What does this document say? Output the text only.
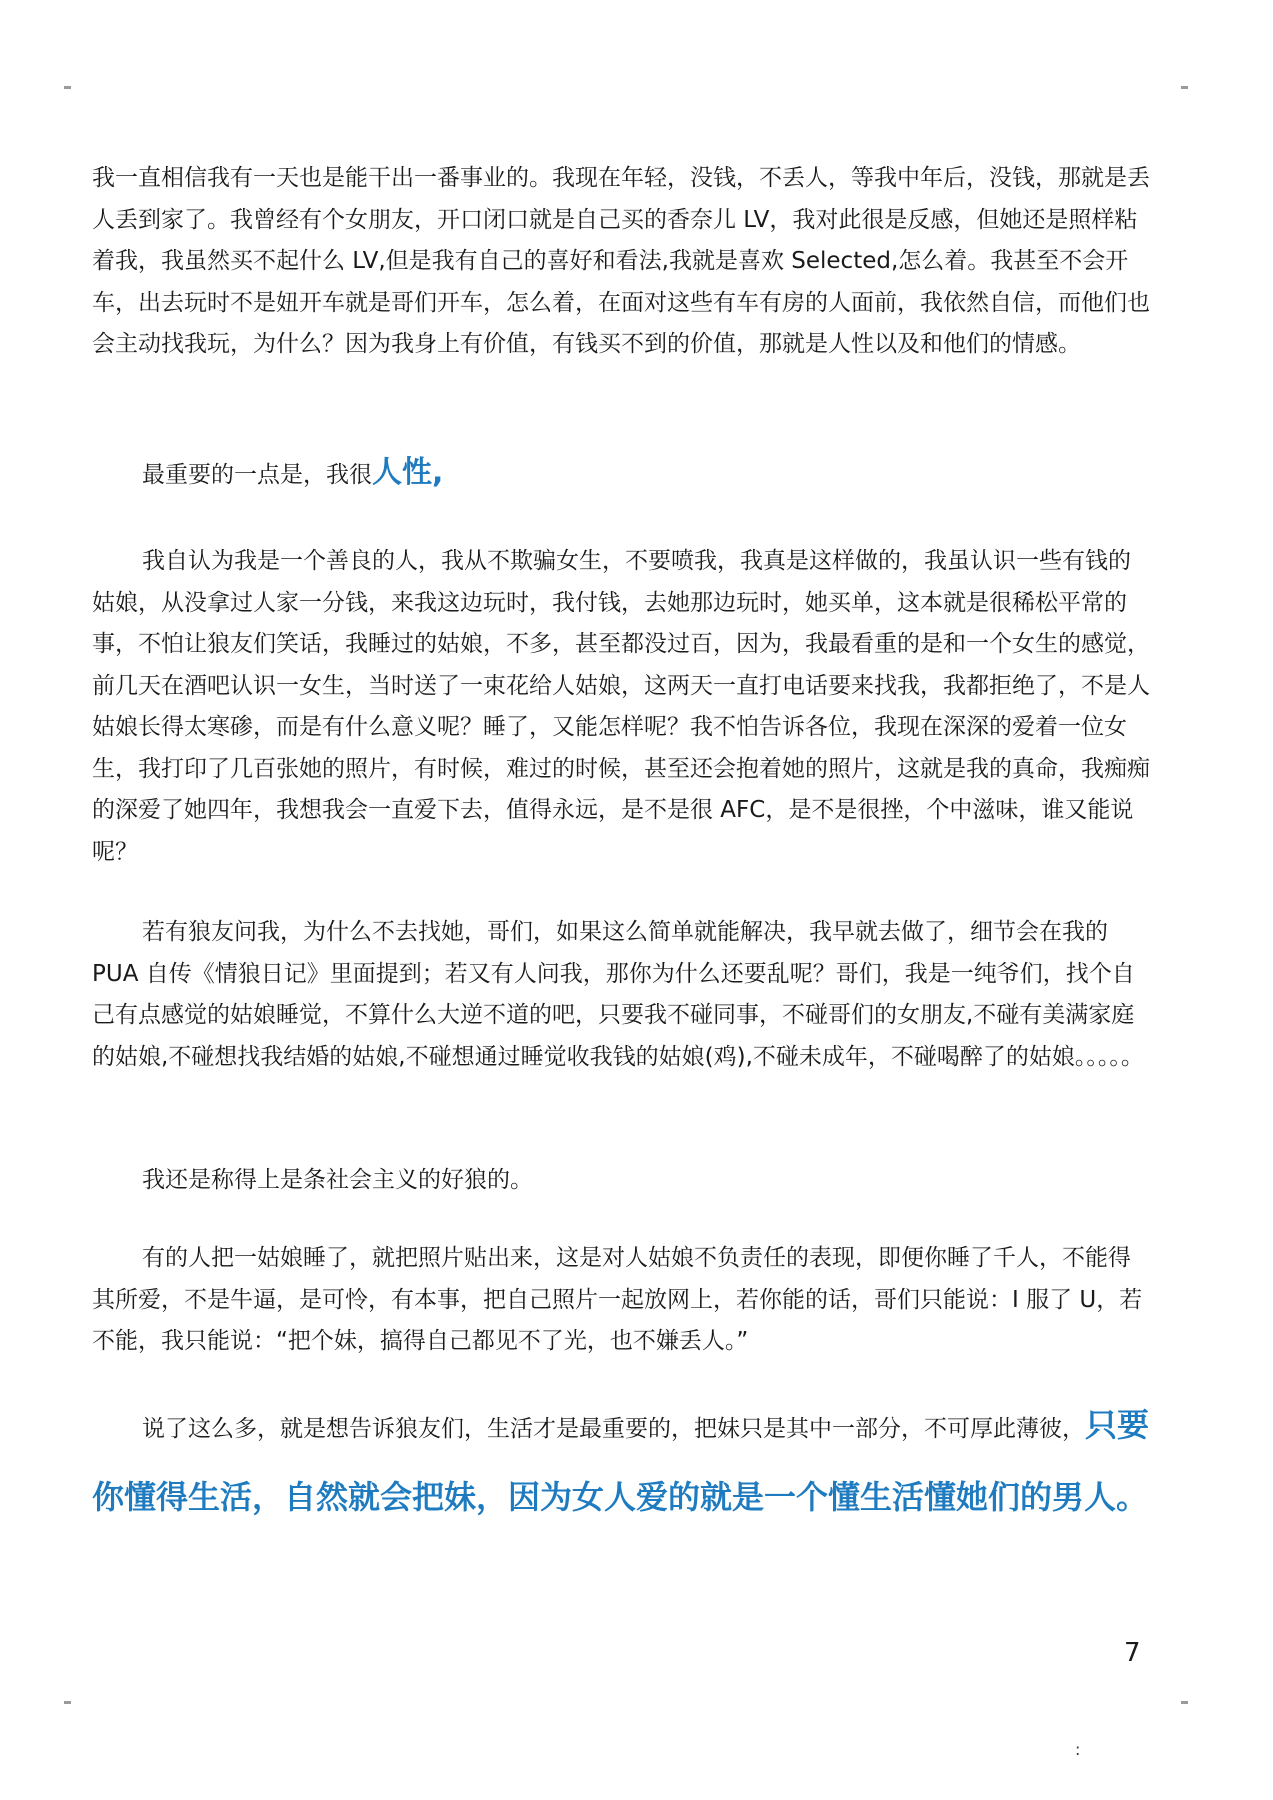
我一直相信我有一天也是能干出一番事业的。我现在年轻，没钱，不丢人，等我中年后，没钱，那就是丢人丢到家了。我曾经有个女朋友，开口闭口就是自己买的香奈儿 LV，我对此很是反感，但她还是照样粘着我，我虽然买不起什么 LV,但是我有自己的喜好和看法,我就是喜欢 Selected,怎么着。我甚至不会开车，出去玩时不是妞开车就是哥们开车，怎么着，在面对这些有车有房的人面前，我依然自信，而他们也会主动找我玩，为什么？因为我身上有价值，有钱买不到的价值，那就是人性以及和他们的情感。

最重要的一点是，我很人性,

我自认为我是一个善良的人，我从不欺骗女生，不要喷我，我真是这样做的，我虽认识一些有钱的姑娘，从没拿过人家一分钱，来我这边玩时，我付钱，去她那边玩时，她买单，这本就是很稀松平常的事，不怕让狼友们笑话，我睡过的姑娘，不多，甚至都没过百，因为，我最看重的是和一个女生的感觉，前几天在酒吧认识一女生，当时送了一束花给人姑娘，这两天一直打电话要来找我，我都拒绝了，不是人姑娘长得太寒碜，而是有什么意义呢？睡了，又能怎样呢？我不怕告诉各位，我现在深深的爱着一位女生，我打印了几百张她的照片，有时候，难过的时候，甚至还会抱着她的照片，这就是我的真命，我痴痴的深爱了她四年，我想我会一直爱下去，值得永远，是不是很 AFC，是不是很挫，个中滋味，谁又能说呢？

若有狼友问我，为什么不去找她，哥们，如果这么简单就能解决，我早就去做了，细节会在我的 PUA 自传《情狼日记》里面提到；若又有人问我，那你为什么还要乱呢？哥们，我是一纯爷们，找个自己有点感觉的姑娘睡觉，不算什么大逆不道的吧，只要我不碰同事，不碰哥们的女朋友,不碰有美满家庭的姑娘,不碰想找我结婚的姑娘,不碰想通过睡觉收我钱的姑娘(鸡),不碰未成年，不碰喝醉了的姑娘。。。。。

我还是称得上是条社会主义的好狼的。

有的人把一姑娘睡了，就把照片贴出来，这是对人姑娘不负责任的表现，即便你睡了千人，不能得其所爱，不是牛逼，是可怜，有本事，把自己照片一起放网上，若你能的话，哥们只能说：I 服了 U，若不能，我只能说：“把个妹，搞得自己都见不了光，也不嫌丢人。”

说了这么多，就是想告诉狼友们，生活才是最重要的，把妹只是其中一部分，不可厚此薄彼，只要你懂得生活，自然就会把妹，因为女人爱的就是一个懂生活懂她们的男人。

7
:
